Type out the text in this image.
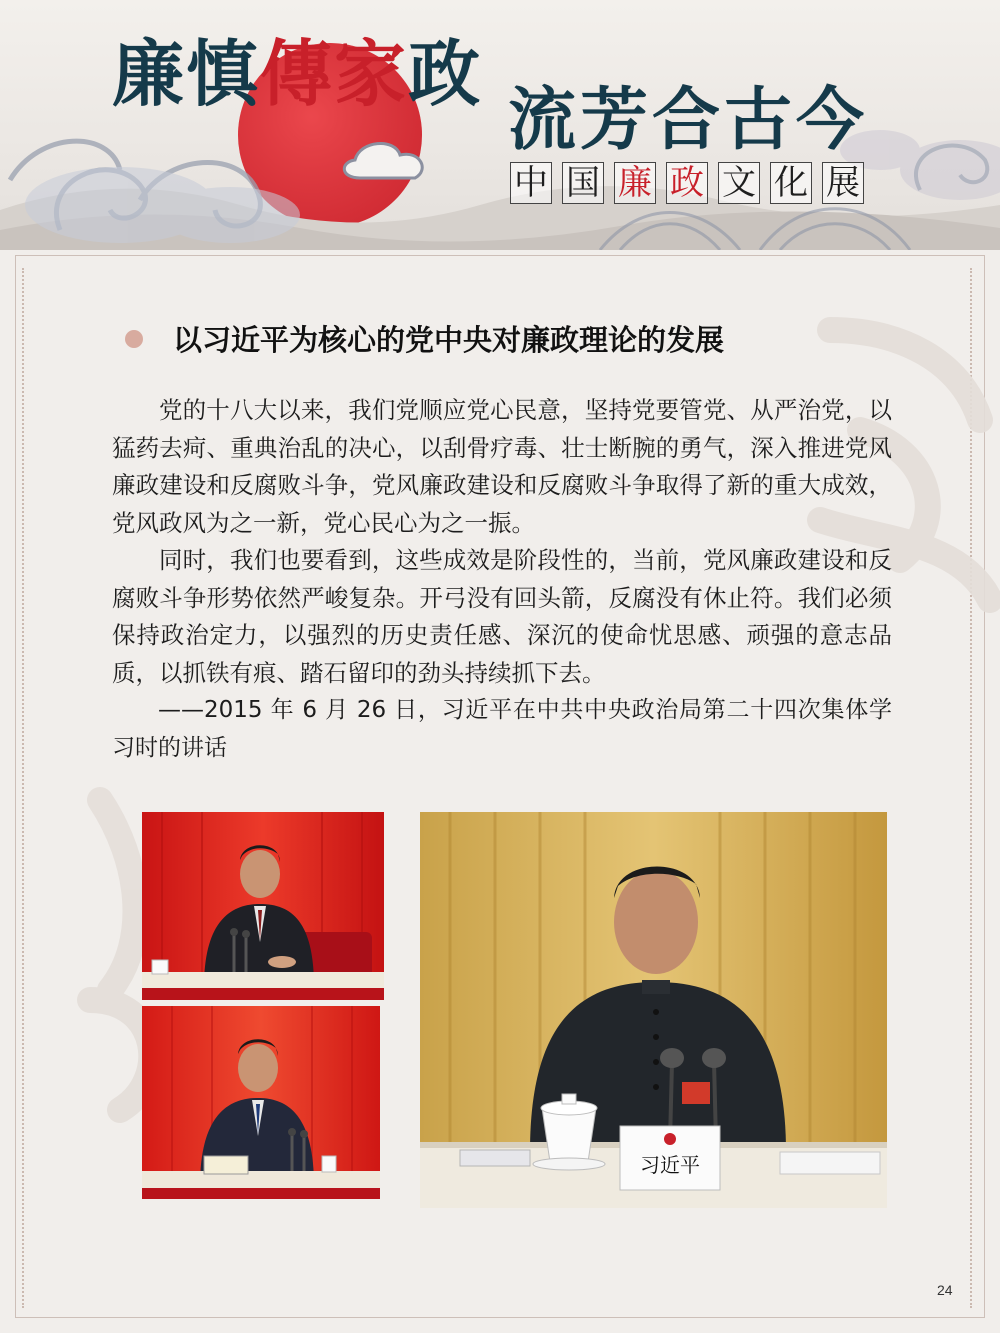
廉慎傳家政
流芳合古今
中 国 廉 政 文 化 展
以习近平为核心的党中央对廉政理论的发展

党的十八大以来，我们党顺应党心民意，坚持党要管党、从严治党，以猛药去疴、重典治乱的决心，以刮骨疗毒、壮士断腕的勇气，深入推进党风廉政建设和反腐败斗争，党风廉政建设和反腐败斗争取得了新的重大成效，党风政风为之一新，党心民心为之一振。

同时，我们也要看到，这些成效是阶段性的，当前，党风廉政建设和反腐败斗争形势依然严峻复杂。开弓没有回头箭，反腐没有休止符。我们必须保持政治定力，以强烈的历史责任感、深沉的使命忧思感、顽强的意志品质，以抓铁有痕、踏石留印的劲头持续抓下去。

——2015 年 6 月 26 日，习近平在中共中央政治局第二十四次集体学习时的讲话

习近平
24
